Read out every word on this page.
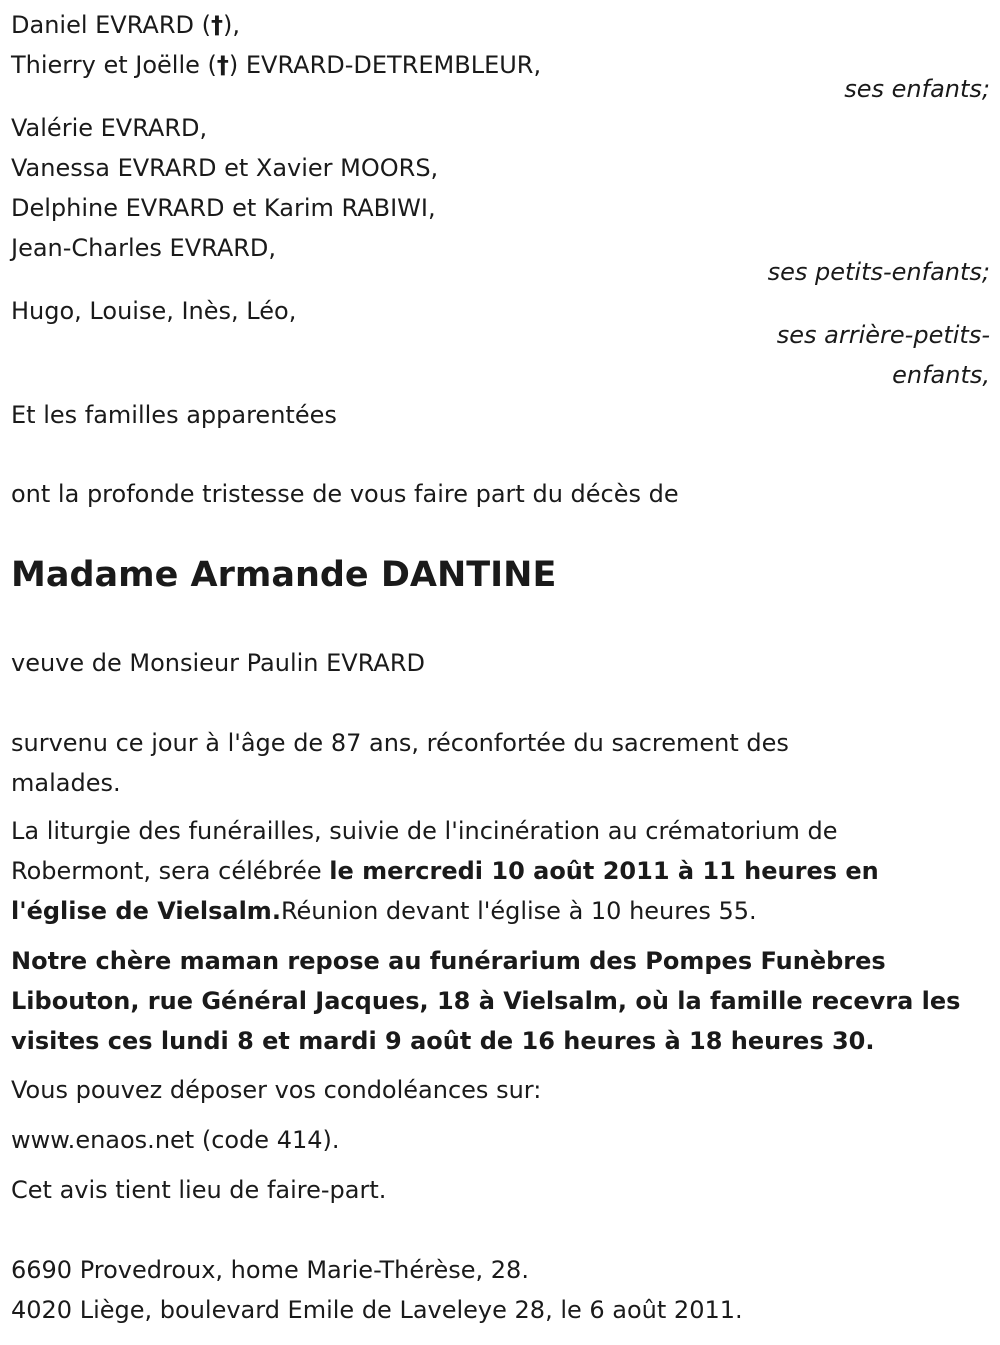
Daniel EVRARD (†),
Thierry et Joëlle (†) EVRARD-DETREMBLEUR,
ses enfants;
Valérie EVRARD,
Vanessa EVRARD et Xavier MOORS,
Delphine EVRARD et Karim RABIWI,
Jean-Charles EVRARD,
ses petits-enfants;
Hugo, Louise, Inès, Léo,
ses arrière-petits-
enfants,
Et les familles apparentées
ont la profonde tristesse de vous faire part du décès de
Madame Armande DANTINE
veuve de Monsieur Paulin EVRARD
survenu ce jour à l'âge de 87 ans, réconfortée du sacrement des
malades.
La liturgie des funérailles, suivie de l'incinération au crématorium de
Robermont, sera célébrée le mercredi 10 août 2011 à 11 heures en
l'église de Vielsalm.Réunion devant l'église à 10 heures 55.
Notre chère maman repose au funérarium des Pompes Funèbres
Libouton, rue Général Jacques, 18 à Vielsalm, où la famille recevra les
visites ces lundi 8 et mardi 9 août de 16 heures à 18 heures 30.
Vous pouvez déposer vos condoléances sur:
www.enaos.net (code 414).
Cet avis tient lieu de faire-part.
6690 Provedroux, home Marie-Thérèse, 28.
4020 Liège, boulevard Emile de Laveleye 28, le 6 août 2011.
